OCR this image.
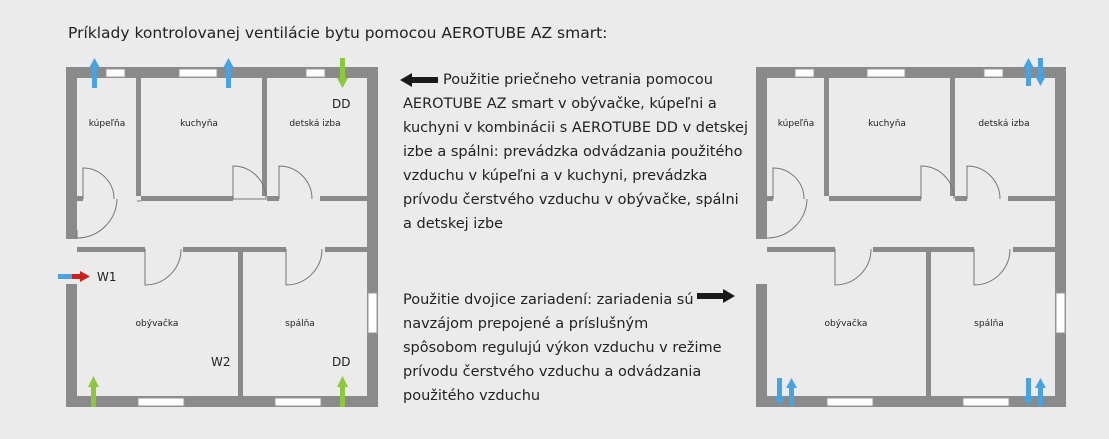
Príklady kontrolovanej ventilácie bytu pomocou AEROTUBE AZ smart:
kúpeľňa	kuchyňa	detská izba
obývačka	spálňa
DD
DD
W1
W2
kúpeľňa	kuchyňa	detská izba
obývačka	spálňa

Použitie priečneho vetrania pomocou AEROTUBE AZ smart v obývačke, kúpeľni a kuchyni v kombinácii s AEROTUBE DD v detskej izbe a spálni: prevádzka odvádzania použitého vzduchu v kúpeľni a v kuchyni, prevádzka prívodu čerstvého vzduchu v obývačke, spálni a detskej izbe

Použitie dvojice zariadení: zariadenia sú navzájom prepojené a príslušným spôsobom regulujú výkon vzduchu v režime prívodu čerstvého vzduchu a odvádzania použitého vzduchu
